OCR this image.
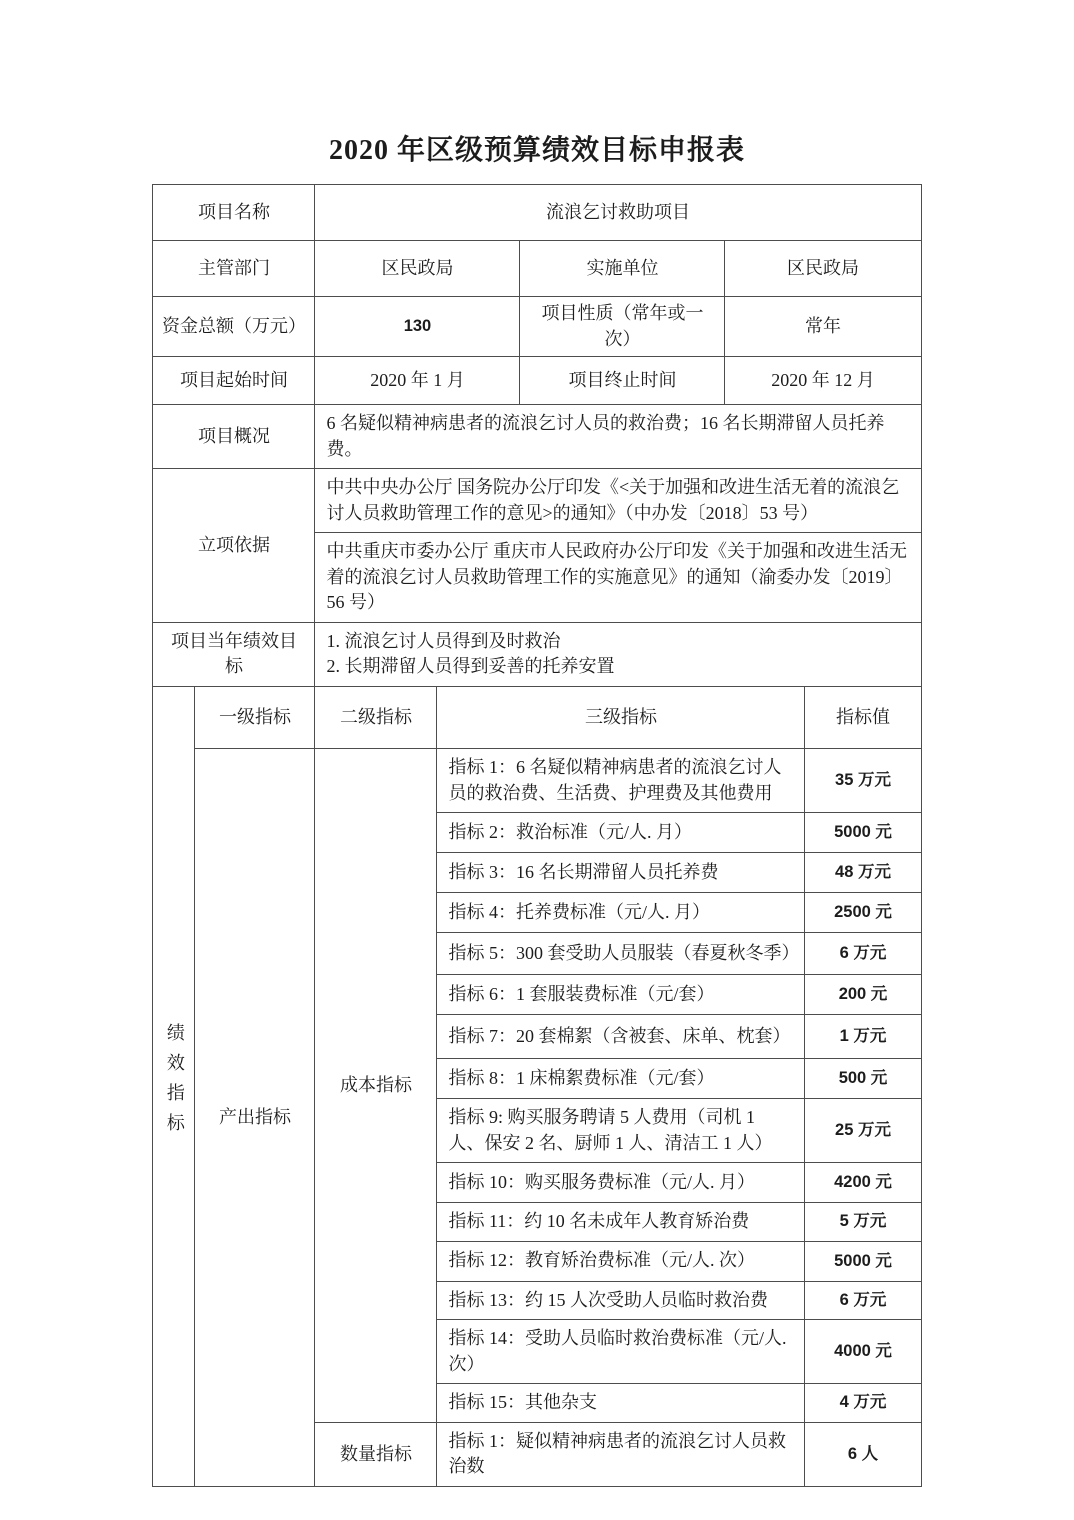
2020 年区级预算绩效目标申报表
项目名称		流浪乞讨救助项目				
主管部门		区民政局		实施单位	区民政局	
资金总额（万元）		130		项目性质（常年或一次）	常年	
项目起始时间		2020 年 1 月		项目终止时间	2020 年 12 月	
项目概况		6 名疑似精神病患者的流浪乞讨人员的救治费；16 名长期滞留人员托养费。				
立项依据		中共中央办公厅 国务院办公厅印发《<关于加强和改进生活无着的流浪乞讨人员救助管理工作的意见>的通知》（中办发〔2018〕53 号）				
		中共重庆市委办公厅 重庆市人民政府办公厅印发《关于加强和改进生活无着的流浪乞讨人员救助管理工作的实施意见》的通知（渝委办发〔2019〕56 号）				

项目当年绩效目标		1. 流浪乞讨人员得到及时救治
2. 长期滞留人员得到妥善的托养安置				

绩效指标	一级指标	二级指标	三级指标			指标值
	产出指标	成本指标	指标 1：6 名疑似精神病患者的流浪乞讨人员的救治费、生活费、护理费及其他费用			35 万元
			指标 2：救治标准（元/人. 月）			5000 元
			指标 3：16 名长期滞留人员托养费			48 万元
			指标 4：托养费标准（元/人. 月）			2500 元
			指标 5：300 套受助人员服装（春夏秋冬季）			6 万元
			指标 6：1 套服装费标准（元/套）			200 元
			指标 7：20 套棉絮（含被套、床单、枕套）			1 万元
			指标 8：1 床棉絮费标准（元/套）			500 元
			指标 9: 购买服务聘请 5 人费用（司机 1 人、保安 2 名、厨师 1 人、清洁工 1 人）			25 万元
			指标 10：购买服务费标准（元/人. 月）			4200 元
			指标 11：约 10 名未成年人教育矫治费			5 万元
			指标 12：教育矫治费标准（元/人. 次）			5000 元
			指标 13：约 15 人次受助人员临时救治费			6 万元
			指标 14：受助人员临时救治费标准（元/人. 次）			4000 元
			指标 15：其他杂支			4 万元
		数量指标	指标 1：疑似精神病患者的流浪乞讨人员救治数			6 人
